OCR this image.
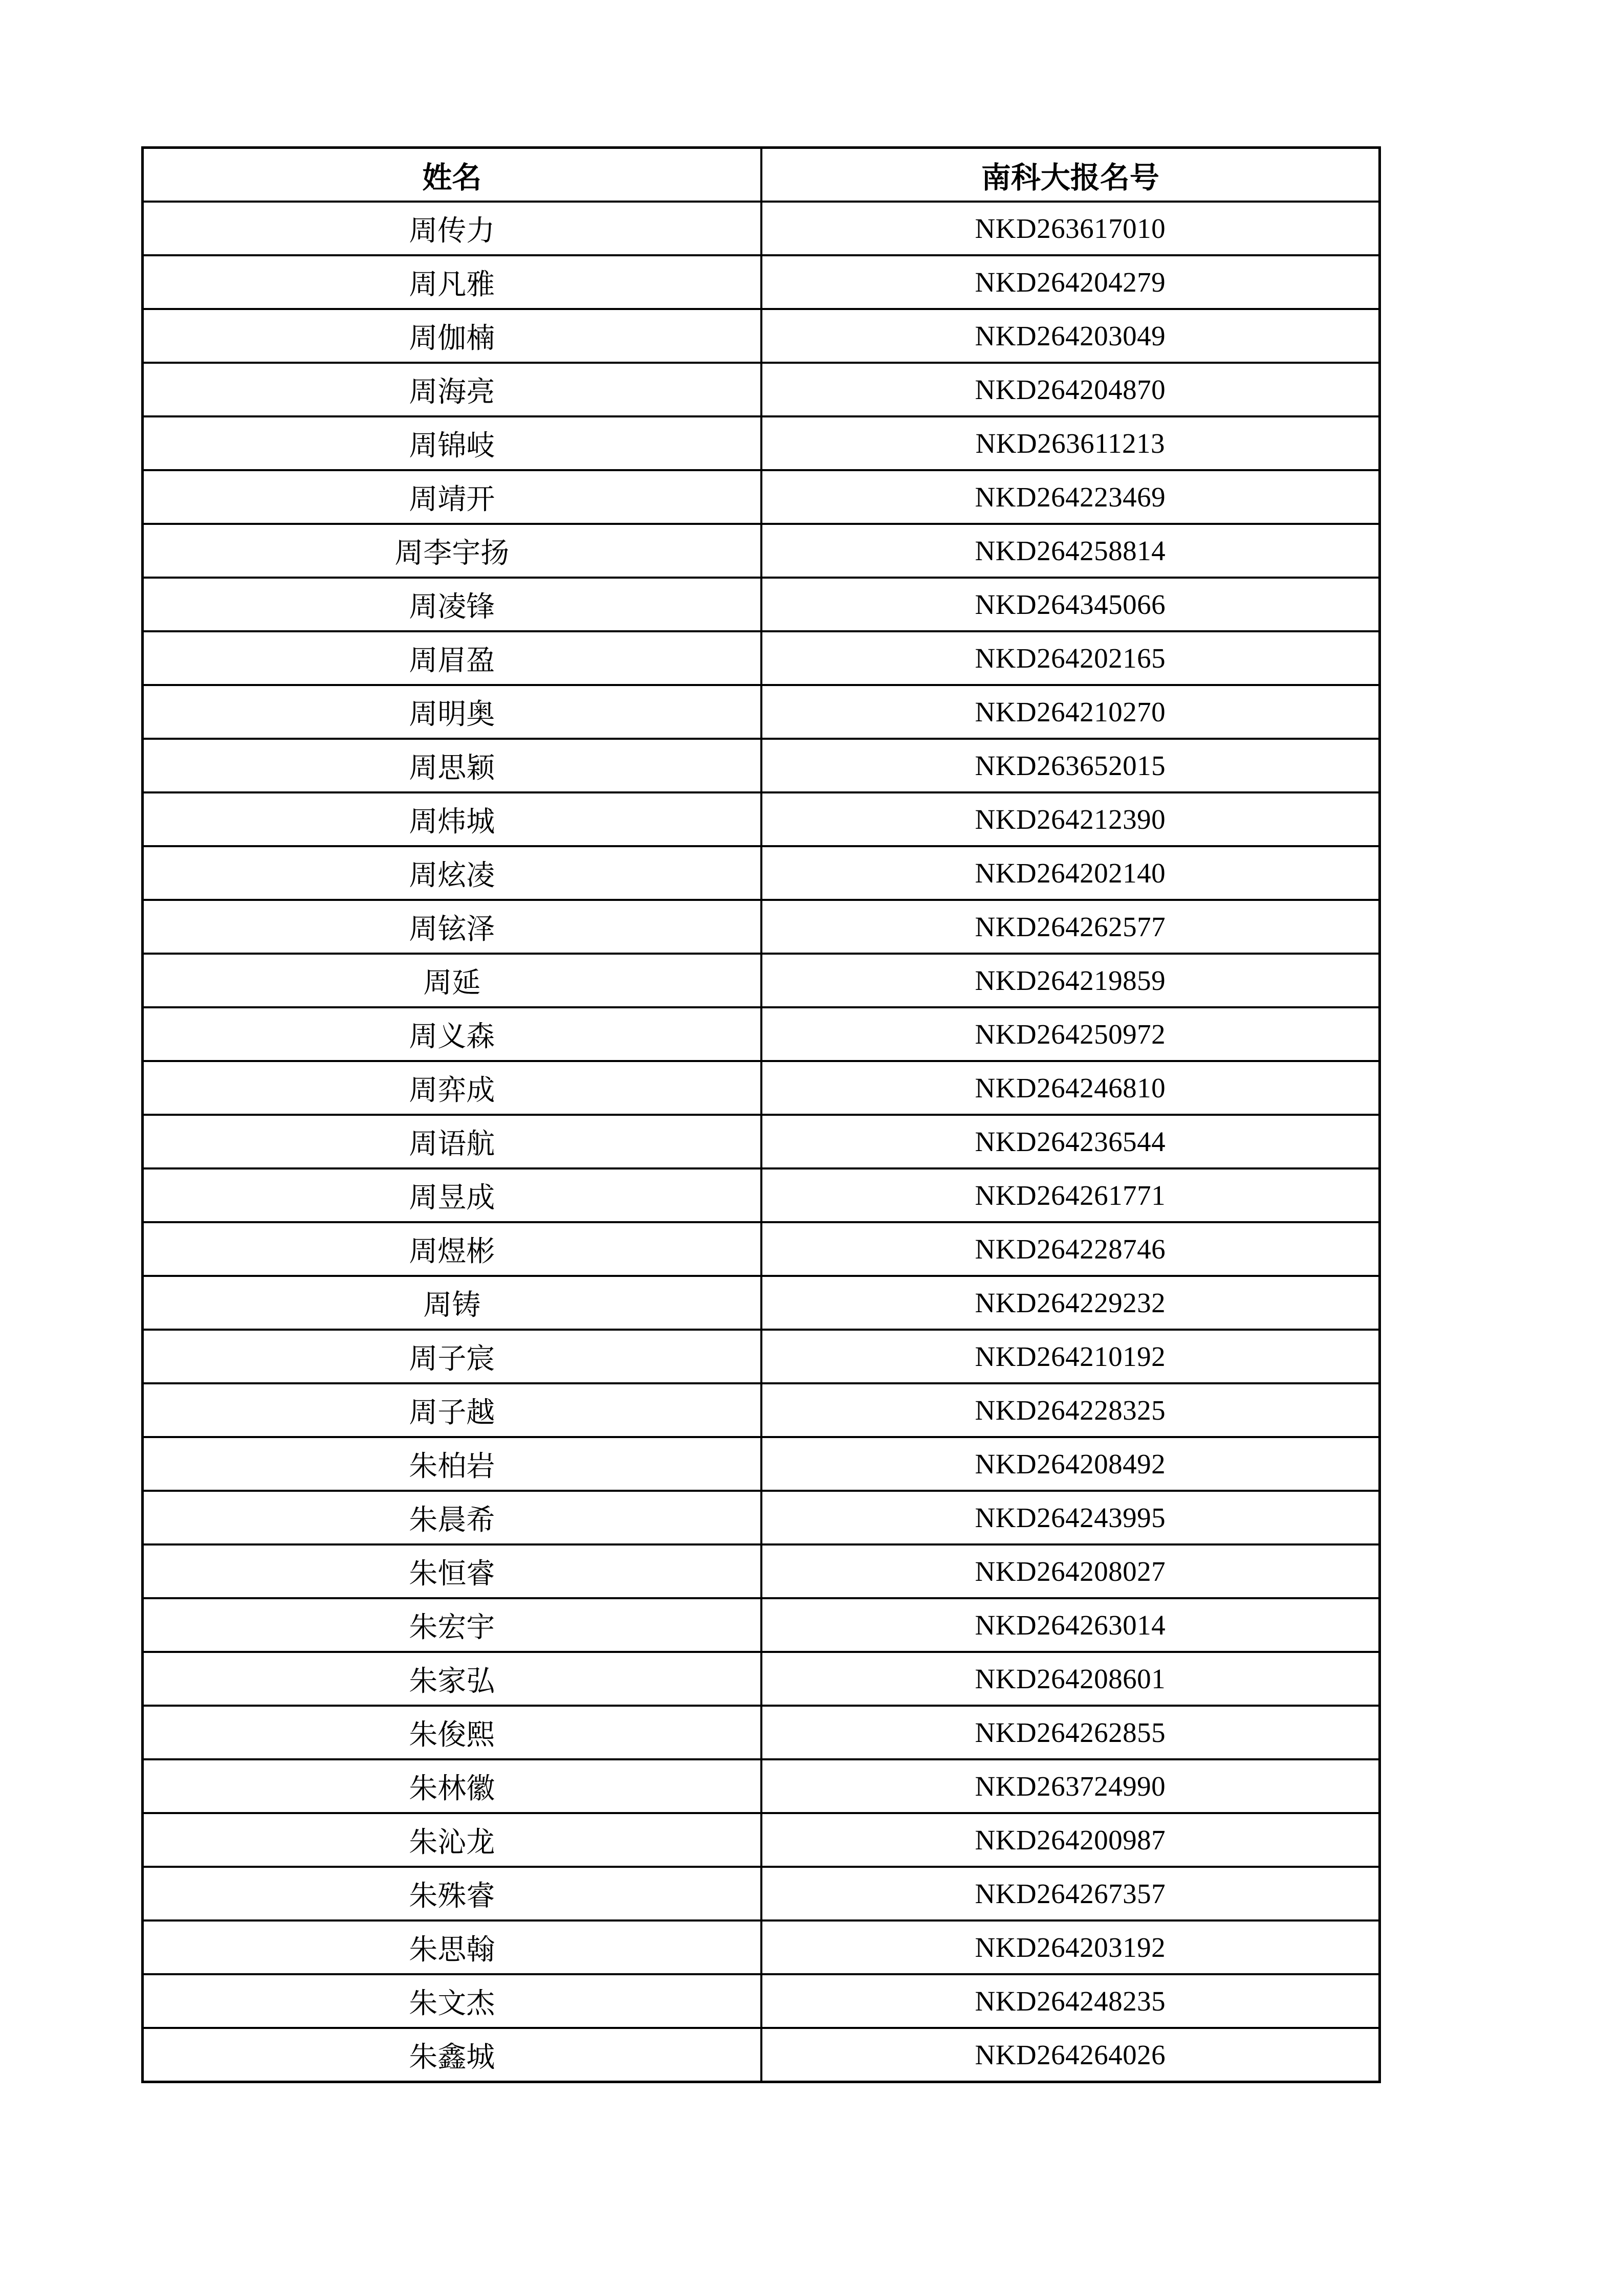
姓名	南科大报名号
周传力	NKD263617010
周凡雅	NKD264204279
周伽楠	NKD264203049
周海亮	NKD264204870
周锦岐	NKD263611213
周靖开	NKD264223469
周李宇扬	NKD264258814
周凌锋	NKD264345066
周眉盈	NKD264202165
周明奥	NKD264210270
周思颖	NKD263652015
周炜城	NKD264212390
周炫凌	NKD264202140
周铉泽	NKD264262577
周延	NKD264219859
周义森	NKD264250972
周弈成	NKD264246810
周语航	NKD264236544
周昱成	NKD264261771
周煜彬	NKD264228746
周铸	NKD264229232
周子宸	NKD264210192
周子越	NKD264228325
朱柏岩	NKD264208492
朱晨希	NKD264243995
朱恒睿	NKD264208027
朱宏宇	NKD264263014
朱家弘	NKD264208601
朱俊熙	NKD264262855
朱林徽	NKD263724990
朱沁龙	NKD264200987
朱殊睿	NKD264267357
朱思翰	NKD264203192
朱文杰	NKD264248235
朱鑫城	NKD264264026
